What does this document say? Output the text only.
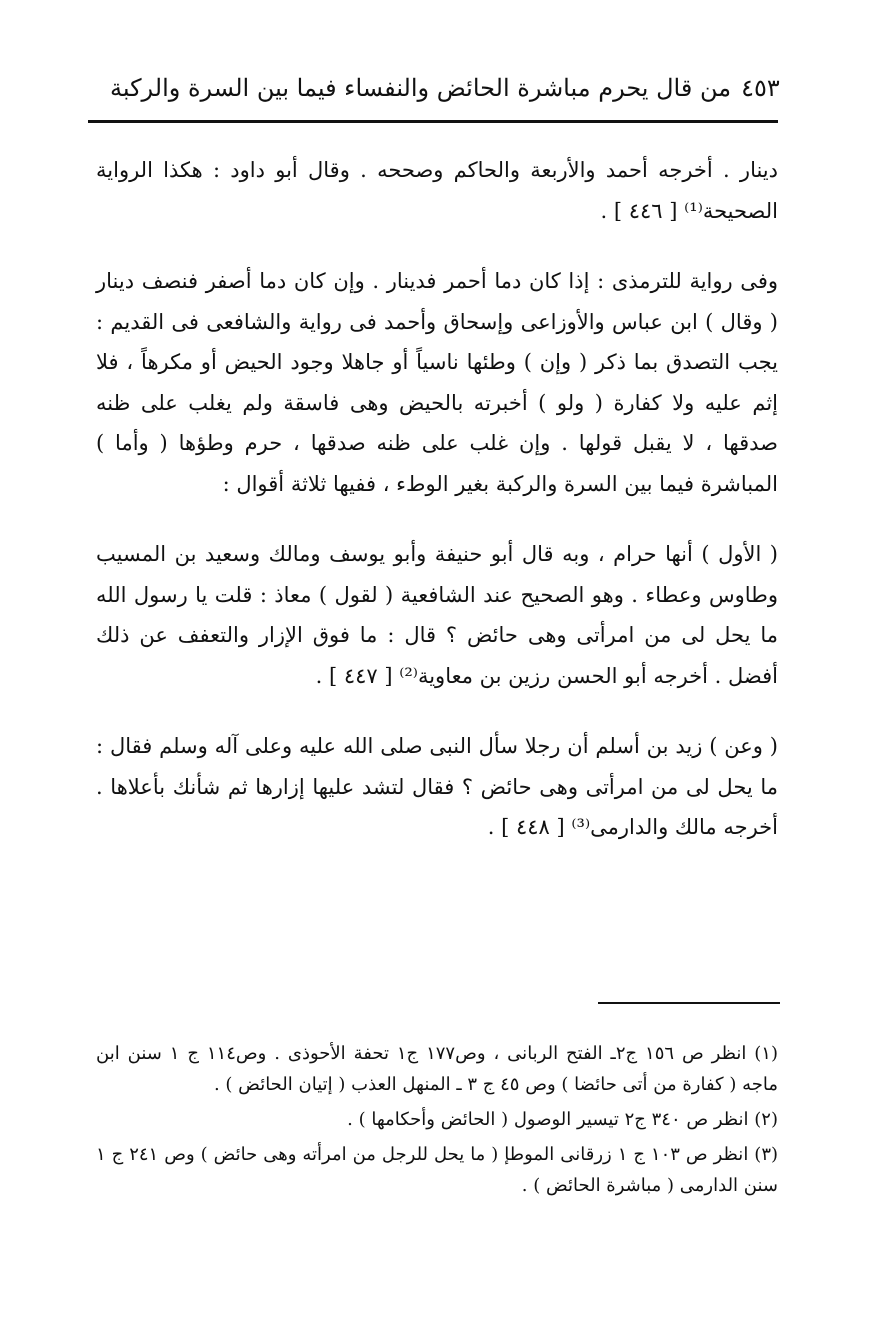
من قال يحرم مباشرة الحائض والنفساء فيما بين السرة والركبة ٤٥٣

دينار . أخرجه أحمد والأربعة والحاكم وصححه . وقال أبو داود : هكذا الرواية الصحيحة⁽¹⁾ [ ٤٤٦ ] .

وفى رواية للترمذى : إذا كان دما أحمر فدينار . وإن كان دما أصفر فنصف دينار ( وقال ) ابن عباس والأوزاعى وإسحاق وأحمد فى رواية والشافعى فى القديم : يجب التصدق بما ذكر ( وإن ) وطئها ناسياً أو جاهلا وجود الحيض أو مكرهاً ، فلا إثم عليه ولا كفارة ( ولو ) أخبرته بالحيض وهى فاسقة ولم يغلب على ظنه صدقها ، لا يقبل قولها . وإن غلب على ظنه صدقها ، حرم وطؤها ( وأما ) المباشرة فيما بين السرة والركبة بغير الوطء ، ففيها ثلاثة أقوال :

( الأول ) أنها حرام ، وبه قال أبو حنيفة وأبو يوسف ومالك وسعيد بن المسيب وطاوس وعطاء . وهو الصحيح عند الشافعية ( لقول ) معاذ : قلت يا رسول الله ما يحل لى من امرأتى وهى حائض ؟ قال : ما فوق الإزار والتعفف عن ذلك أفضل . أخرجه أبو الحسن رزين بن معاوية⁽²⁾ [ ٤٤٧ ] .

( وعن ) زيد بن أسلم أن رجلا سأل النبى صلى الله عليه وعلى آله وسلم فقال : ما يحل لى من امرأتى وهى حائض ؟ فقال لتشد عليها إزارها ثم شأنك بأعلاها . أخرجه مالك والدارمى⁽³⁾ [ ٤٤٨ ] .

(١) انظر ص ١٥٦ ج٢ـ الفتح الربانى ، وص١٧٧ ج١ تحفة الأحوذى . وص١١٤ ج ١ سنن ابن ماجه ( كفارة من أتى حائضا ) وص ٤٥ ج ٣ ـ المنهل العذب ( إتيان الحائض ) .

(٢) انظر ص ٣٤٠ ج٢ تيسير الوصول ( الحائض وأحكامها ) .

(٣) انظر ص ١٠٣ ج ١ زرقانى الموطإ ( ما يحل للرجل من امرأته وهى حائض ) وص ٢٤١ ج ١ سنن الدارمى ( مباشرة الحائض ) .
